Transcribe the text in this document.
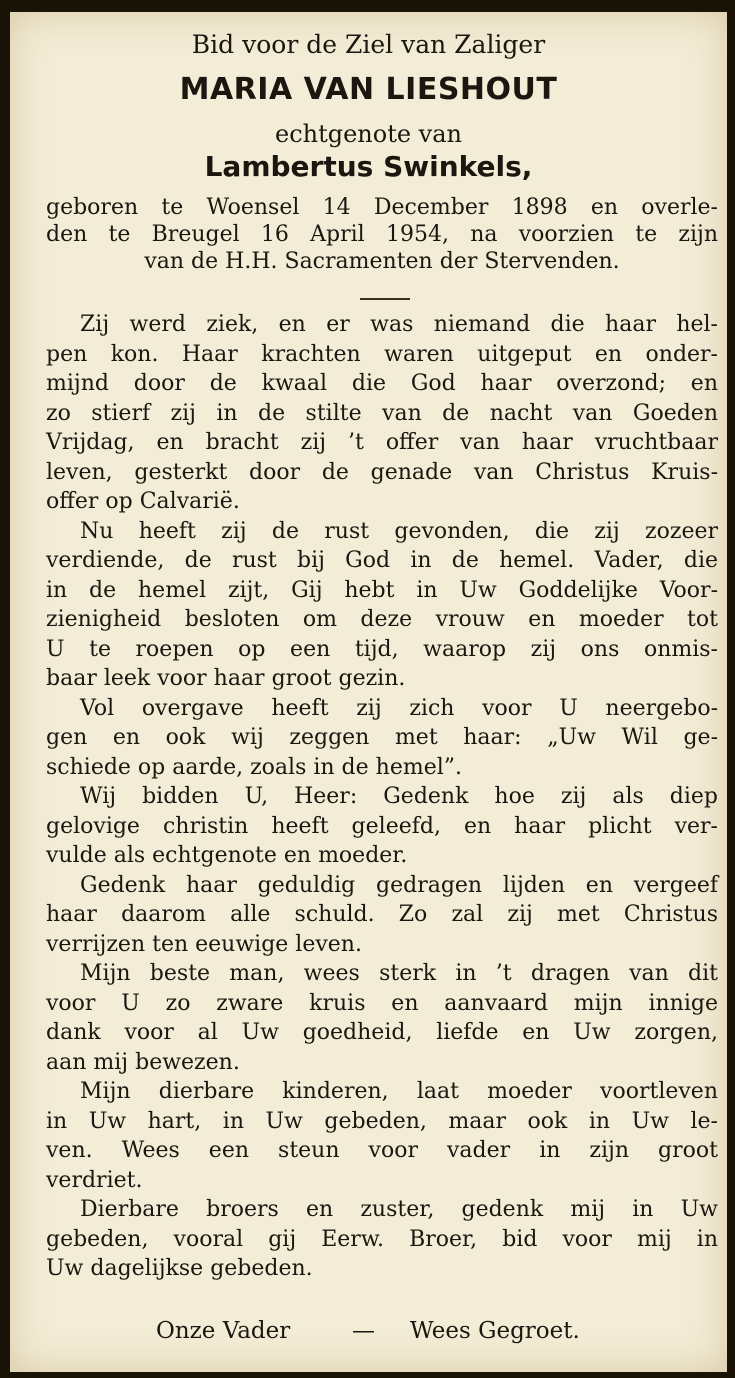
Bid voor de Ziel van Zaliger
MARIA VAN LIESHOUT
echtgenote van
Lambertus Swinkels,
geboren te Woensel 14 December 1898 en overle-
den te Breugel 16 April 1954, na voorzien te zijn
van de H.H. Sacramenten der Stervenden.
Zij werd ziek, en er was niemand die haar hel-
pen kon. Haar krachten waren uitgeput en onder-
mijnd door de kwaal die God haar overzond; en
zo stierf zij in de stilte van de nacht van Goeden
Vrijdag, en bracht zij ’t offer van haar vruchtbaar
leven, gesterkt door de genade van Christus Kruis-
offer op Calvarië.
Nu heeft zij de rust gevonden, die zij zozeer
verdiende, de rust bij God in de hemel. Vader, die
in de hemel zijt, Gij hebt in Uw Goddelijke Voor-
zienigheid besloten om deze vrouw en moeder tot
U te roepen op een tijd, waarop zij ons onmis-
baar leek voor haar groot gezin.
Vol overgave heeft zij zich voor U neergebo-
gen en ook wij zeggen met haar: „Uw Wil ge-
schiede op aarde, zoals in de hemel”.
Wij bidden U, Heer: Gedenk hoe zij als diep
gelovige christin heeft geleefd, en haar plicht ver-
vulde als echtgenote en moeder.
Gedenk haar geduldig gedragen lijden en vergeef
haar daarom alle schuld. Zo zal zij met Christus
verrijzen ten eeuwige leven.
Mijn beste man, wees sterk in ’t dragen van dit
voor U zo zware kruis en aanvaard mijn innige
dank voor al Uw goedheid, liefde en Uw zorgen,
aan mij bewezen.
Mijn dierbare kinderen, laat moeder voortleven
in Uw hart, in Uw gebeden, maar ook in Uw le-
ven. Wees een steun voor vader in zijn groot
verdriet.
Dierbare broers en zuster, gedenk mij in Uw
gebeden, vooral gij Eerw. Broer, bid voor mij in
Uw dagelijkse gebeden.
Onze Vader	— Wees Gegroet.
